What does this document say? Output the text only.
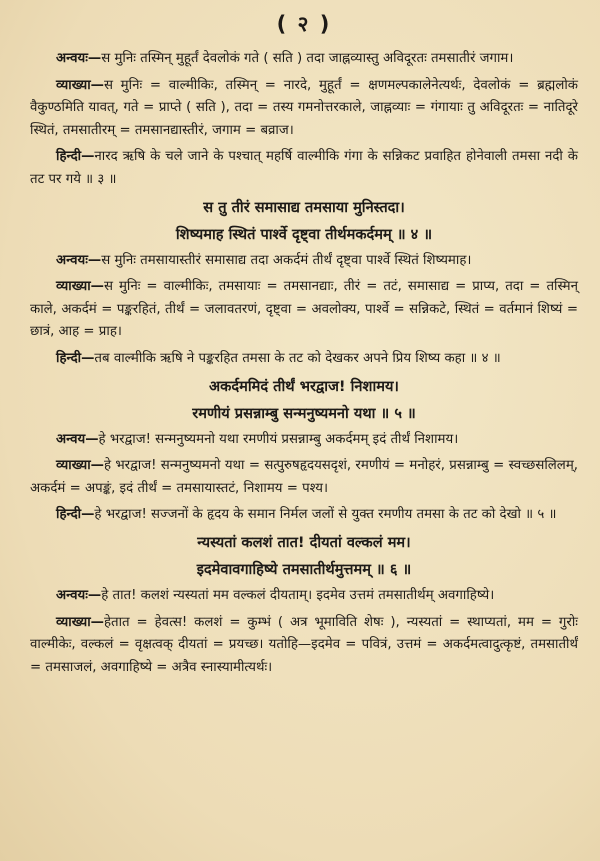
( २ )

अन्वयः—स मुनिः तस्मिन् मुहूर्तं देवलोकं गते ( सति ) तदा जाह्नव्यास्तु अविदूरतः तमसातीरं जगाम।

व्याख्या—स मुनिः = वाल्मीकिः, तस्मिन् = नारदे, मुहूर्तं = क्षणमल्पकालेनेत्यर्थः, देवलोकं = ब्रह्मलोकं वैकुण्ठमिति यावत्, गते = प्राप्ते ( सति ), तदा = तस्य गमनोत्तरकाले, जाह्नव्याः = गंगायाः तु अविदूरतः = नातिदूरे स्थितं, तमसातीरम् = तमसानद्यास्तीरं, जगाम = बव्राज।

हिन्दी—नारद ऋषि के चले जाने के पश्चात् महर्षि वाल्मीकि गंगा के सन्निकट प्रवाहित होनेवाली तमसा नदी के तट पर गये ॥ ३ ॥

स तु तीरं समासाद्य तमसाया मुनिस्तदा।
शिष्यमाह स्थितं पार्श्वे दृष्ट्वा तीर्थमकर्दमम् ॥ ४ ॥

अन्वयः—स मुनिः तमसायास्तीरं समासाद्य तदा अकर्दमं तीर्थं दृष्ट्वा पार्श्वे स्थितं शिष्यमाह।

व्याख्या—स मुनिः = वाल्मीकिः, तमसायाः = तमसानद्याः, तीरं = तटं, समासाद्य = प्राप्य, तदा = तस्मिन् काले, अकर्दमं = पङ्करहितं, तीर्थं = जलावतरणं, दृष्ट्वा = अवलोक्य, पार्श्वे = सन्निकटे, स्थितं = वर्तमानं शिष्यं = छात्रं, आह = प्राह।

हिन्दी—तब वाल्मीकि ऋषि ने पङ्करहित तमसा के तट को देखकर अपने प्रिय शिष्य कहा ॥ ४ ॥

अकर्दममिदं तीर्थं भरद्वाज! निशामय।
रमणीयं प्रसन्नाम्बु सन्मनुष्यमनो यथा ॥ ५ ॥

अन्वय—हे भरद्वाज! सन्मनुष्यमनो यथा रमणीयं प्रसन्नाम्बु अकर्दमम् इदं तीर्थं निशामय।

व्याख्या—हे भरद्वाज! सन्मनुष्यमनो यथा = सत्पुरुषहृदयसदृशं, रमणीयं = मनोहरं, प्रसन्नाम्बु = स्वच्छसलिलम्, अकर्दमं = अपङ्कं, इदं तीर्थं = तमसायास्तटं, निशामय = पश्य।

हिन्दी—हे भरद्वाज! सज्जनों के हृदय के समान निर्मल जलों से युक्त रमणीय तमसा के तट को देखो ॥ ५ ॥

न्यस्यतां कलशं तात! दीयतां वल्कलं मम।
इदमेवावगाहिष्ये तमसातीर्थमुत्तमम् ॥ ६ ॥

अन्वयः—हे तात! कलशं न्यस्यतां मम वल्कलं दीयताम्। इदमेव उत्तमं तमसातीर्थम् अवगाहिष्ये।

व्याख्या—हेतात = हेवत्स! कलशं = कुम्भं ( अत्र भूमाविति शेषः ), न्यस्यतां = स्थाप्यतां, मम = गुरोः वाल्मीकेः, वल्कलं = वृक्षत्वक् दीयतां = प्रयच्छ। यतोहि—इदमेव = पवित्रं, उत्तमं = अकर्दमत्वादुत्कृष्टं, तमसातीर्थं = तमसाजलं, अवगाहिष्ये = अत्रैव स्नास्यामीत्यर्थः।
